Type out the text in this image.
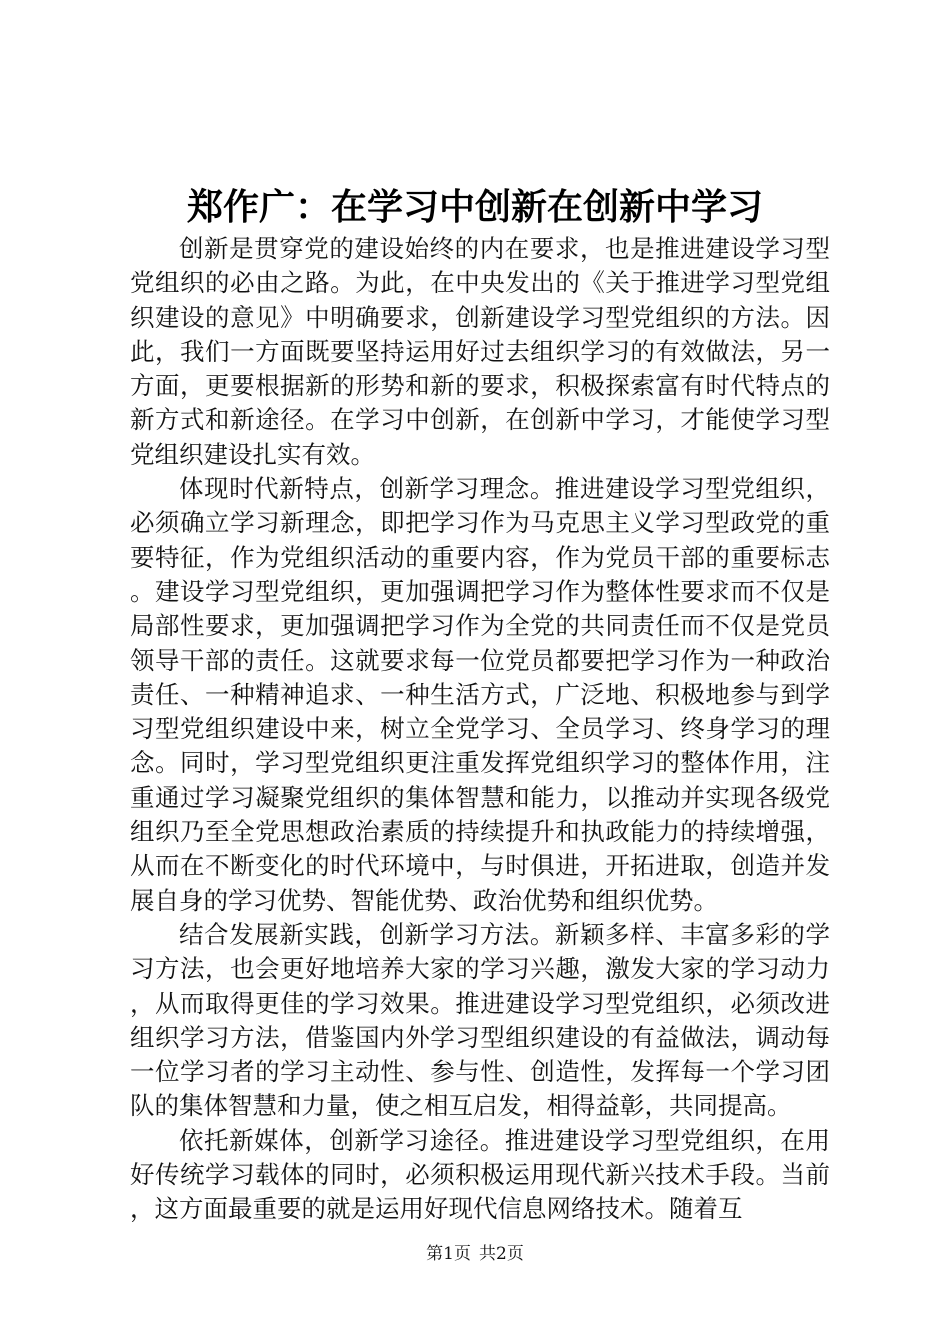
郑作广：在学习中创新在创新中学习

创新是贯穿党的建设始终的内在要求，也是推进建设学习型党组织的必由之路。为此，在中央发出的《关于推进学习型党组织建设的意见》中明确要求，创新建设学习型党组织的方法。因此，我们一方面既要坚持运用好过去组织学习的有效做法，另一方面，更要根据新的形势和新的要求，积极探索富有时代特点的新方式和新途径。在学习中创新，在创新中学习，才能使学习型党组织建设扎实有效。

体现时代新特点，创新学习理念。推进建设学习型党组织，必须确立学习新理念，即把学习作为马克思主义学习型政党的重要特征，作为党组织活动的重要内容，作为党员干部的重要标志。建设学习型党组织，更加强调把学习作为整体性要求而不仅是局部性要求，更加强调把学习作为全党的共同责任而不仅是党员领导干部的责任。这就要求每一位党员都要把学习作为一种政治责任、一种精神追求、一种生活方式，广泛地、积极地参与到学习型党组织建设中来，树立全党学习、全员学习、终身学习的理念。同时，学习型党组织更注重发挥党组织学习的整体作用，注重通过学习凝聚党组织的集体智慧和能力，以推动并实现各级党组织乃至全党思想政治素质的持续提升和执政能力的持续增强，从而在不断变化的时代环境中，与时俱进，开拓进取，创造并发展自身的学习优势、智能优势、政治优势和组织优势。

结合发展新实践，创新学习方法。新颖多样、丰富多彩的学习方法，也会更好地培养大家的学习兴趣，激发大家的学习动力，从而取得更佳的学习效果。推进建设学习型党组织，必须改进组织学习方法，借鉴国内外学习型组织建设的有益做法，调动每一位学习者的学习主动性、参与性、创造性，发挥每一个学习团队的集体智慧和力量，使之相互启发，相得益彰，共同提高。

依托新媒体，创新学习途径。推进建设学习型党组织，在用好传统学习载体的同时，必须积极运用现代新兴技术手段。当前，这方面最重要的就是运用好现代信息网络技术。随着互

第1页 共2页
